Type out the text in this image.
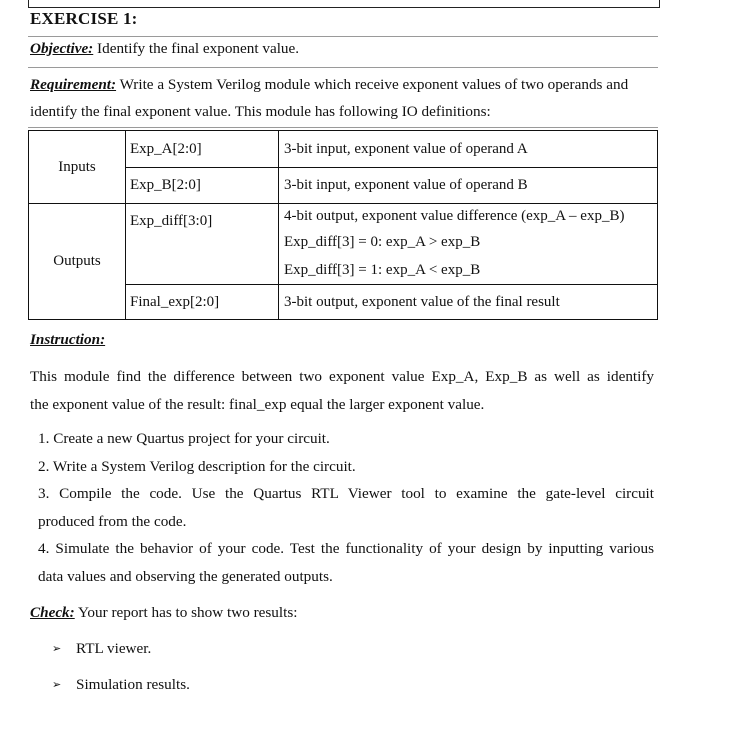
EXERCISE 1:
Objective: Identify the final exponent value.
Requirement: Write a System Verilog module which receive exponent values of two operands and
identify the final exponent value. This module has following IO definitions:
Inputs	Exp_A[2:0]	3-bit input, exponent value of operand A

	Exp_B[2:0]	3-bit input, exponent value of operand B

Outputs	Exp_diff[3:0]	4-bit output, exponent value difference (exp_A – exp_B)
Exp_diff[3] = 0: exp_A > exp_B
Exp_diff[3] = 1: exp_A < exp_B

	Final_exp[2:0]	3-bit output, exponent value of the final result
Instruction:
This module find the difference between two exponent value Exp_A, Exp_B as well as identify
the exponent value of the result: final_exp equal the larger exponent value.
1. Create a new Quartus project for your circuit.
2. Write a System Verilog description for the circuit.
3. Compile the code. Use the Quartus RTL Viewer tool to examine the gate-level circuit
produced from the code.
4. Simulate the behavior of your code. Test the functionality of your design by inputting various
data values and observing the generated outputs.
Check: Your report has to show two results:
➢ RTL viewer.
➢ Simulation results.
